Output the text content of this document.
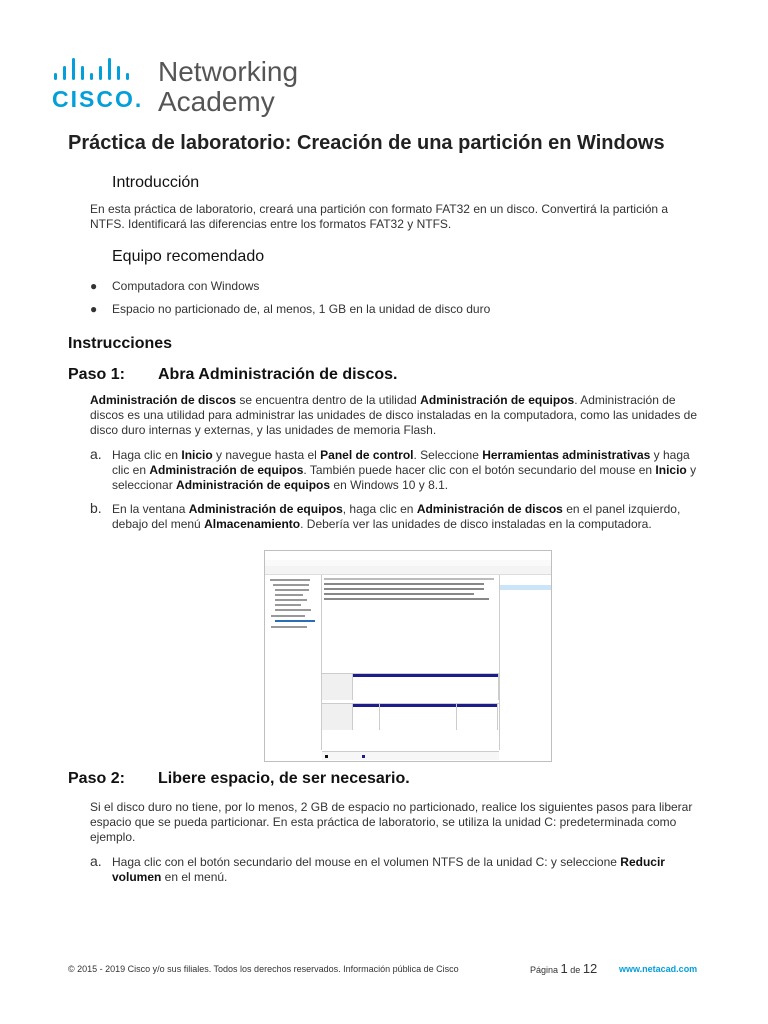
CISCO.
Networking
Academy
Práctica de laboratorio: Creación de una partición en Windows
Introducción
En esta práctica de laboratorio, creará una partición con formato FAT32 en un disco. Convertirá la partición a NTFS. Identificará las diferencias entre los formatos FAT32 y NTFS.
Equipo recomendado
● Computadora con Windows
● Espacio no particionado de, al menos, 1 GB en la unidad de disco duro
Instrucciones
Paso 1: Abra Administración de discos.
Administración de discos se encuentra dentro de la utilidad Administración de equipos. Administración de discos es una utilidad para administrar las unidades de disco instaladas en la computadora, como las unidades de disco duro internas y externas, y las unidades de memoria Flash.
a. Haga clic en Inicio y navegue hasta el Panel de control. Seleccione Herramientas administrativas y haga clic en Administración de equipos. También puede hacer clic con el botón secundario del mouse en Inicio y seleccionar Administración de equipos en Windows 10 y 8.1.
b. En la ventana Administración de equipos, haga clic en Administración de discos en el panel izquierdo, debajo del menú Almacenamiento. Debería ver las unidades de disco instaladas en la computadora.
Paso 2: Libere espacio, de ser necesario.
Si el disco duro no tiene, por lo menos, 2 GB de espacio no particionado, realice los siguientes pasos para liberar espacio que se pueda particionar. En esta práctica de laboratorio, se utiliza la unidad C: predeterminada como ejemplo.
a. Haga clic con el botón secundario del mouse en el volumen NTFS de la unidad C: y seleccione Reducir volumen en el menú.
© 2015 - 2019 Cisco y/o sus filiales. Todos los derechos reservados. Información pública de Cisco	Página 1 de 12 www.netacad.com
